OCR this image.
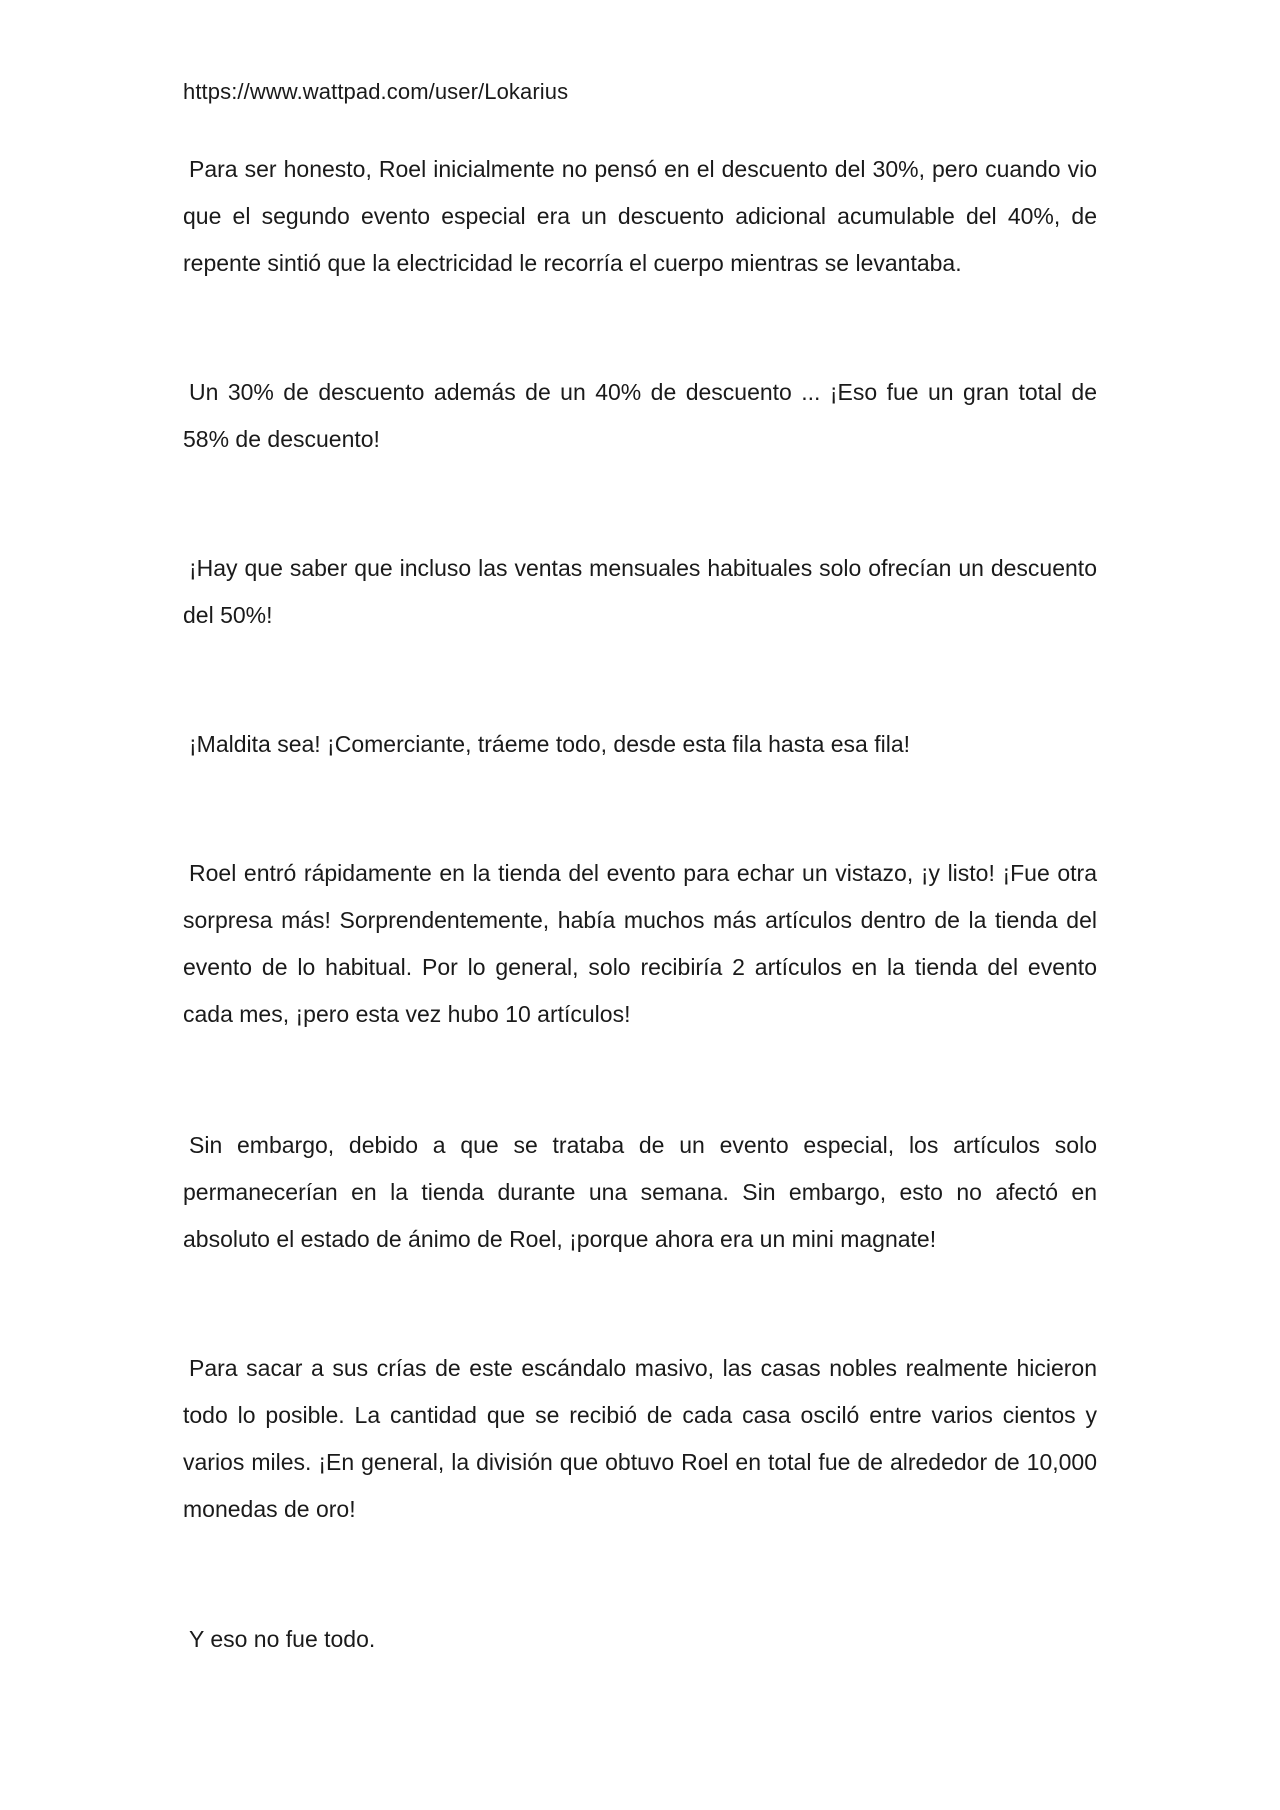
https://www.wattpad.com/user/Lokarius

Para ser honesto, Roel inicialmente no pensó en el descuento del 30%, pero cuando vio que el segundo evento especial era un descuento adicional acumulable del 40%, de repente sintió que la electricidad le recorría el cuerpo mientras se levantaba.

Un 30% de descuento además de un 40% de descuento ... ¡Eso fue un gran total de 58% de descuento!

¡Hay que saber que incluso las ventas mensuales habituales solo ofrecían un descuento del 50%!

¡Maldita sea! ¡Comerciante, tráeme todo, desde esta fila hasta esa fila!

Roel entró rápidamente en la tienda del evento para echar un vistazo, ¡y listo! ¡Fue otra sorpresa más! Sorprendentemente, había muchos más artículos dentro de la tienda del evento de lo habitual. Por lo general, solo recibiría 2 artículos en la tienda del evento cada mes, ¡pero esta vez hubo 10 artículos!

Sin embargo, debido a que se trataba de un evento especial, los artículos solo permanecerían en la tienda durante una semana. Sin embargo, esto no afectó en absoluto el estado de ánimo de Roel, ¡porque ahora era un mini magnate!

Para sacar a sus crías de este escándalo masivo, las casas nobles realmente hicieron todo lo posible. La cantidad que se recibió de cada casa osciló entre varios cientos y varios miles. ¡En general, la división que obtuvo Roel en total fue de alrededor de 10,000 monedas de oro!

Y eso no fue todo.
